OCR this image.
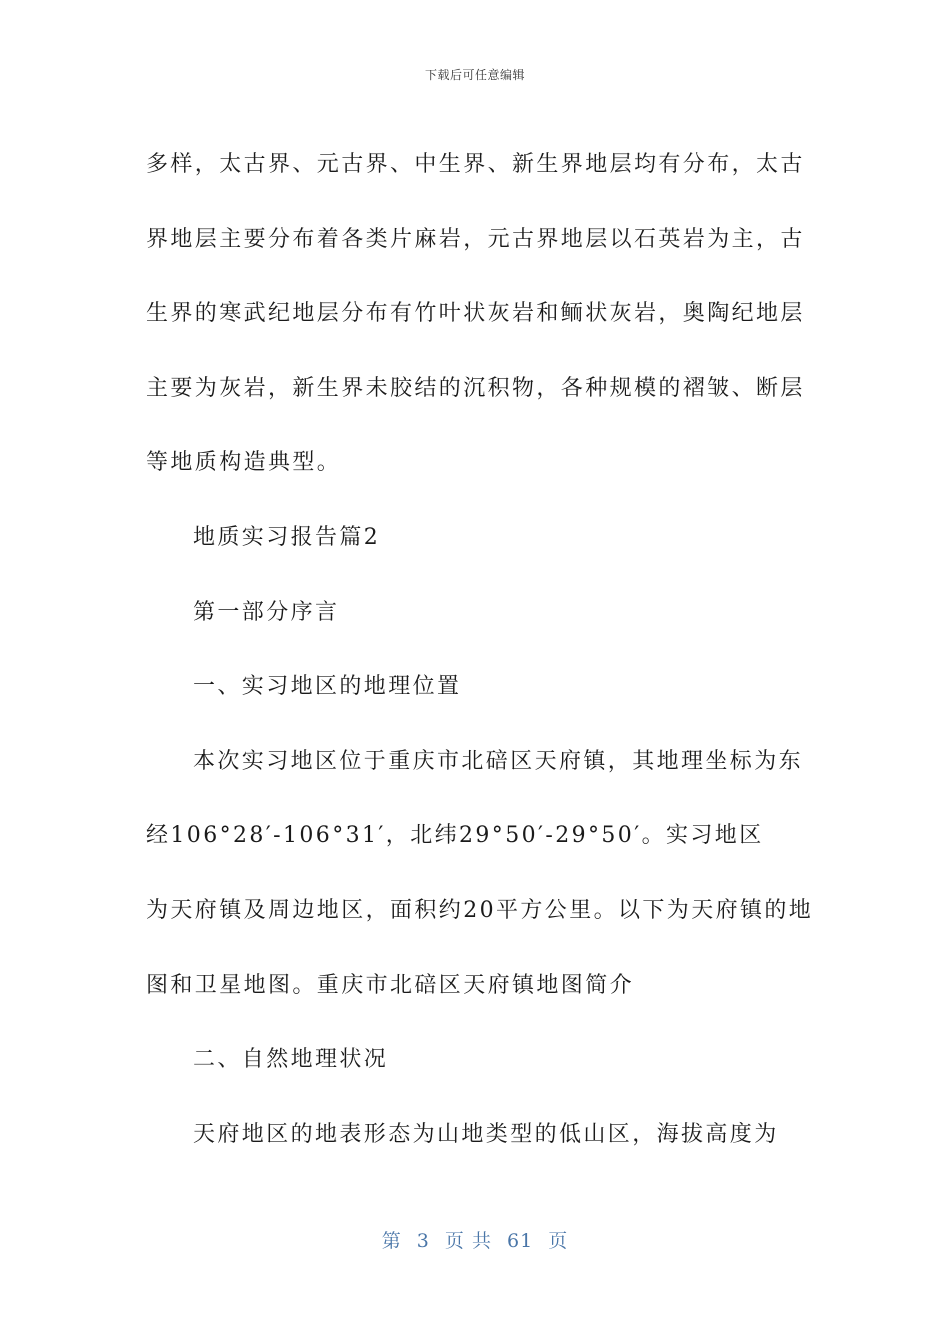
下载后可任意编辑
多样，太古界、元古界、中生界、新生界地层均有分布，太古
界地层主要分布着各类片麻岩，元古界地层以石英岩为主，古
生界的寒武纪地层分布有竹叶状灰岩和鲕状灰岩，奥陶纪地层
主要为灰岩，新生界未胶结的沉积物，各种规模的褶皱、断层
等地质构造典型。
地质实习报告篇2
第一部分序言
一、实习地区的地理位置
本次实习地区位于重庆市北碚区天府镇，其地理坐标为东
经106°28′-106°31′，北纬29°50′-29°50′。实习地区
为天府镇及周边地区，面积约20平方公里。以下为天府镇的地
图和卫星地图。重庆市北碚区天府镇地图简介
二、自然地理状况
天府地区的地表形态为山地类型的低山区，海拔高度为
第 3 页 共 61 页
